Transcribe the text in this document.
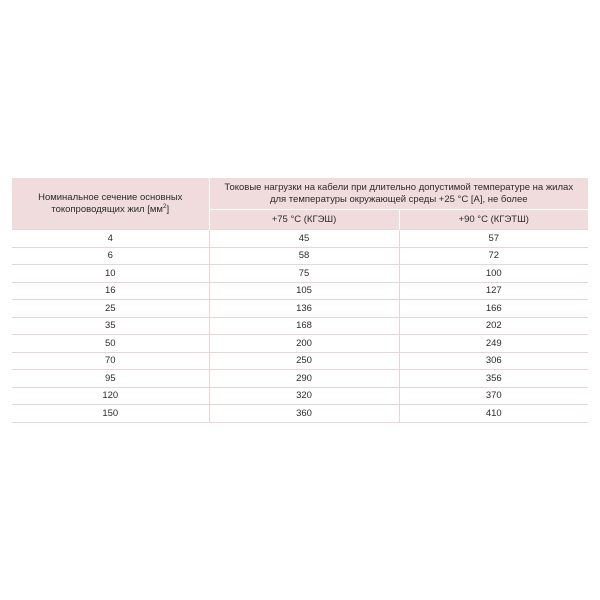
Номинальное сечение основных токопроводящих жил $[мм^2]$	Токовые нагрузки на кабели при длительно допустимой температуре на жилах для температуры окружающей среды +25 °C [А], не более	
	+75 °C (КГЭШ)	+90 °C (КГЭТШ)
4	45	57
6	58	72
10	75	100
16	105	127
25	136	166
35	168	202
50	200	249
70	250	306
95	290	356
120	320	370
150	360	410
